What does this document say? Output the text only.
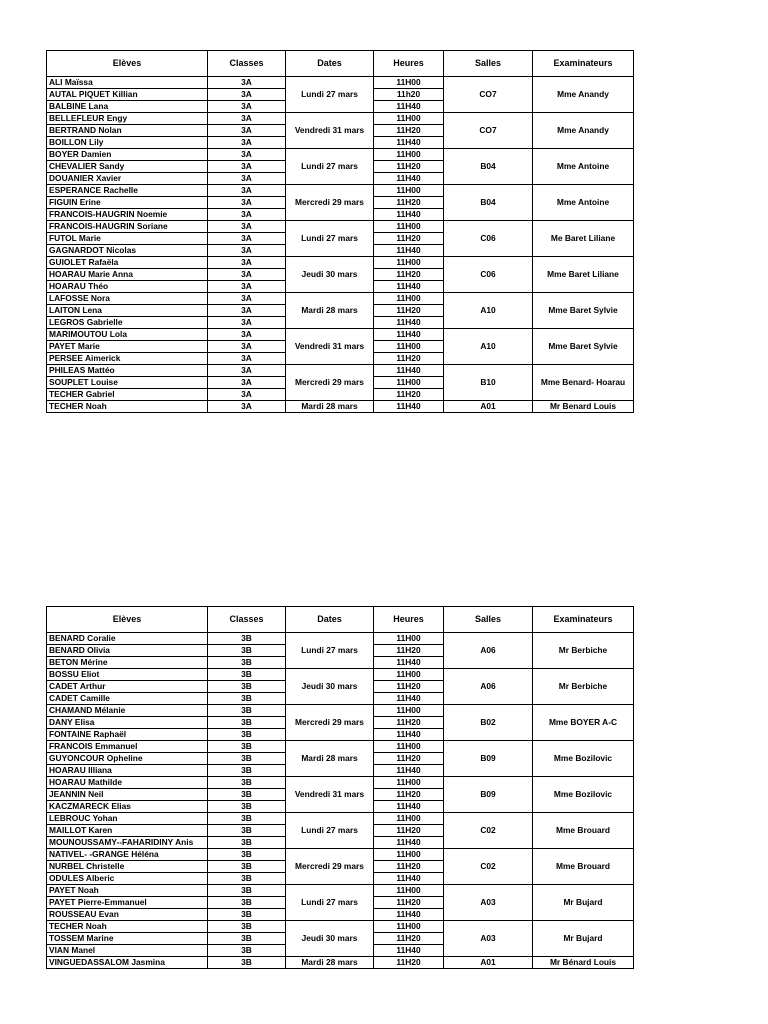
Elèves	Classes	Dates	Heures	Salles	Examinateurs
ALI Maïssa	3A	Lundi 27 mars	11H00	CO7	Mme Anandy
AUTAL PIQUET Killian	3A		11h20		
BALBINE Lana	3A		11H40		
BELLEFLEUR Engy	3A	Vendredi 31 mars	11H00	CO7	Mme Anandy
BERTRAND Nolan	3A		11H20		
BOILLON Lily	3A		11H40		
BOYER Damien	3A	Lundi 27 mars	11H00	B04	Mme Antoine
CHEVALIER Sandy	3A		11H20		
DOUANIER Xavier	3A		11H40		
ESPERANCE Rachelle	3A	Mercredi 29 mars	11H00	B04	Mme Antoine
FIGUIN Erine	3A		11H20		
FRANCOIS-HAUGRIN Noemie	3A		11H40		
FRANCOIS-HAUGRIN Soriane	3A	Lundi 27 mars	11H00	C06	Me Baret Liliane
FUTOL Marie	3A		11H20		
GAGNARDOT Nicolas	3A		11H40		
GUIOLET Rafaëla	3A	Jeudi 30 mars	11H00	C06	Mme Baret Liliane
HOARAU Marie Anna	3A		11H20		
HOARAU Théo	3A		11H40		
LAFOSSE Nora	3A	Mardi 28 mars	11H00	A10	Mme Baret Sylvie
LAITON Lena	3A		11H20		
LEGROS Gabrielle	3A		11H40		
MARIMOUTOU Lola	3A	Vendredi 31 mars	11H40	A10	Mme Baret Sylvie
PAYET Marie	3A		11H00		
PERSEE Aimerick	3A		11H20		
PHILEAS Mattéo	3A	Mercredi 29 mars	11H40	B10	Mme Benard- Hoarau
SOUPLET Louise	3A		11H00		
TECHER Gabriel	3A		11H20		
TECHER Noah	3A	Mardi 28 mars	11H40	A01	Mr Benard Louis
Elèves	Classes	Dates	Heures	Salles	Examinateurs
BENARD Coralie	3B	Lundi 27 mars	11H00	A06	Mr Berbiche
BENARD Olivia	3B		11H20		
BETON Mérine	3B		11H40		
BOSSU Eliot	3B	Jeudi 30 mars	11H00	A06	Mr Berbiche
CADET Arthur	3B		11H20		
CADET Camille	3B		11H40		
CHAMAND Mélanie	3B	Mercredi 29 mars	11H00	B02	Mme BOYER A-C
DANY Elisa	3B		11H20		
FONTAINE Raphaël	3B		11H40		
FRANCOIS Emmanuel	3B	Mardi 28 mars	11H00	B09	Mme Bozilovic
GUYONCOUR Opheline	3B		11H20		
HOARAU Illiana	3B		11H40		
HOARAU Mathilde	3B	Vendredi 31 mars	11H00	B09	Mme Bozilovic
JEANNIN Neil	3B		11H20		
KACZMARECK Elias	3B		11H40		
LEBROUC Yohan	3B	Lundi 27 mars	11H00	C02	Mme Brouard
MAILLOT Karen	3B		11H20		
MOUNOUSSAMY--FAHARIDINY Anis	3B		11H40		
NATIVEL- -GRANGE Héléna	3B	Mercredi 29 mars	11H00	C02	Mme Brouard
NURBEL Christelle	3B		11H20		
ODULES Alberic	3B		11H40		
PAYET Noah	3B	Lundi 27 mars	11H00	A03	Mr Bujard
PAYET Pierre-Emmanuel	3B		11H20		
ROUSSEAU Evan	3B		11H40		
TECHER Noah	3B	Jeudi 30 mars	11H00	A03	Mr Bujard
TOSSEM Marine	3B		11H20		
VIAN Manel	3B		11H40		
VINGUEDASSALOM Jasmina	3B	Mardi 28 mars	11H20	A01	Mr Bénard Louis
